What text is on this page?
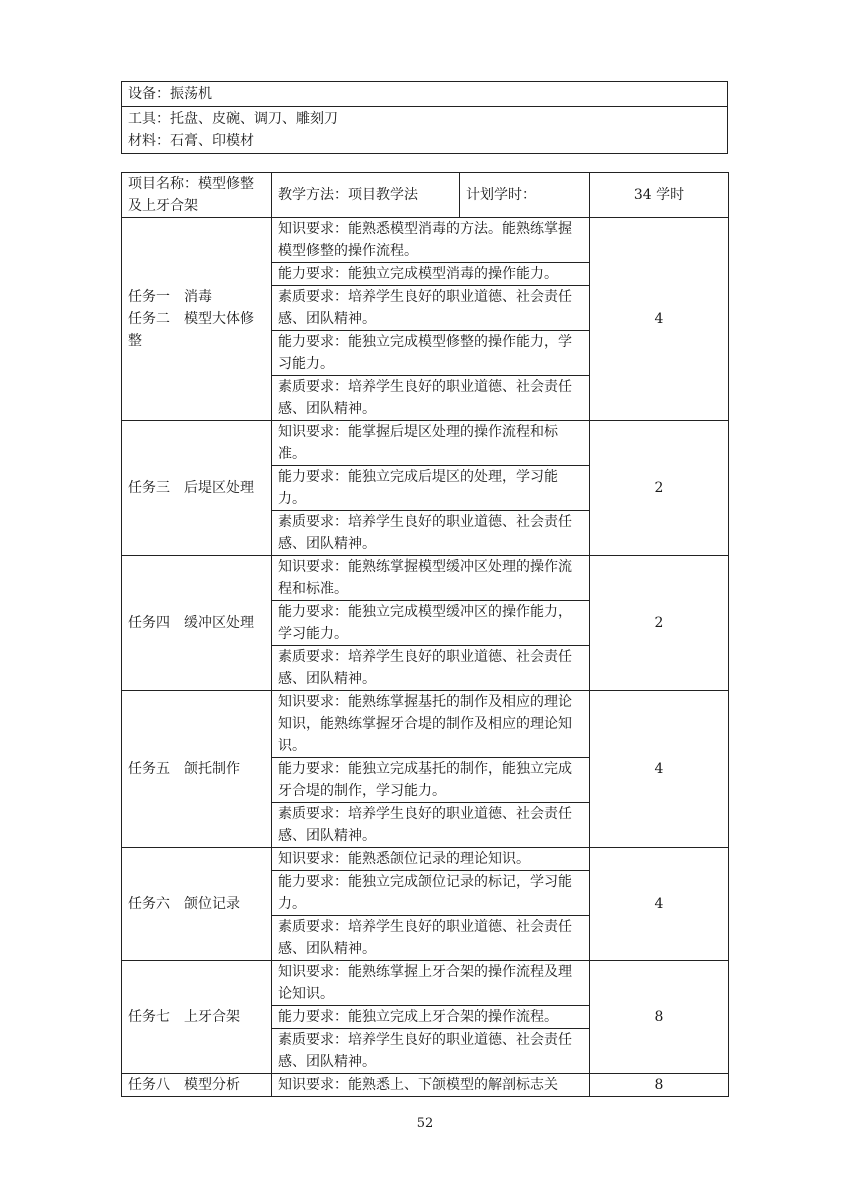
设备：振荡机

工具：托盘、皮碗、调刀、雕刻刀
材料：石膏、印模材
项目名称：模型修整及上牙合架	教学方法：项目教学法	计划学时：	34 学时
任务一　消毒
任务二　模型大体修整	知识要求：能熟悉模型消毒的方法。能熟练掌握模型修整的操作流程。		4
	能力要求：能独立完成模型消毒的操作能力。		
	素质要求：培养学生良好的职业道德、社会责任感、团队精神。		
	能力要求：能独立完成模型修整的操作能力，学习能力。		
	素质要求：培养学生良好的职业道德、社会责任感、团队精神。		
任务三　后堤区处理	知识要求：能掌握后堤区处理的操作流程和标准。		2
	能力要求：能独立完成后堤区的处理，学习能力。		
	素质要求：培养学生良好的职业道德、社会责任感、团队精神。		
任务四　缓冲区处理	知识要求：能熟练掌握模型缓冲区处理的操作流程和标准。		2
	能力要求：能独立完成模型缓冲区的操作能力，学习能力。		
	素质要求：培养学生良好的职业道德、社会责任感、团队精神。		
任务五　颌托制作	知识要求：能熟练掌握基托的制作及相应的理论知识，能熟练掌握牙合堤的制作及相应的理论知识。		4
	能力要求：能独立完成基托的制作，能独立完成牙合堤的制作，学习能力。		
	素质要求：培养学生良好的职业道德、社会责任感、团队精神。		
任务六　颌位记录	知识要求：能熟悉颌位记录的理论知识。		4
	能力要求：能独立完成颌位记录的标记，学习能力。		
	素质要求：培养学生良好的职业道德、社会责任感、团队精神。		
任务七　上牙合架	知识要求：能熟练掌握上牙合架的操作流程及理论知识。		8
	能力要求：能独立完成上牙合架的操作流程。		
	素质要求：培养学生良好的职业道德、社会责任感、团队精神。		
任务八　模型分析	知识要求：能熟悉上、下颌模型的解剖标志关		8
52
